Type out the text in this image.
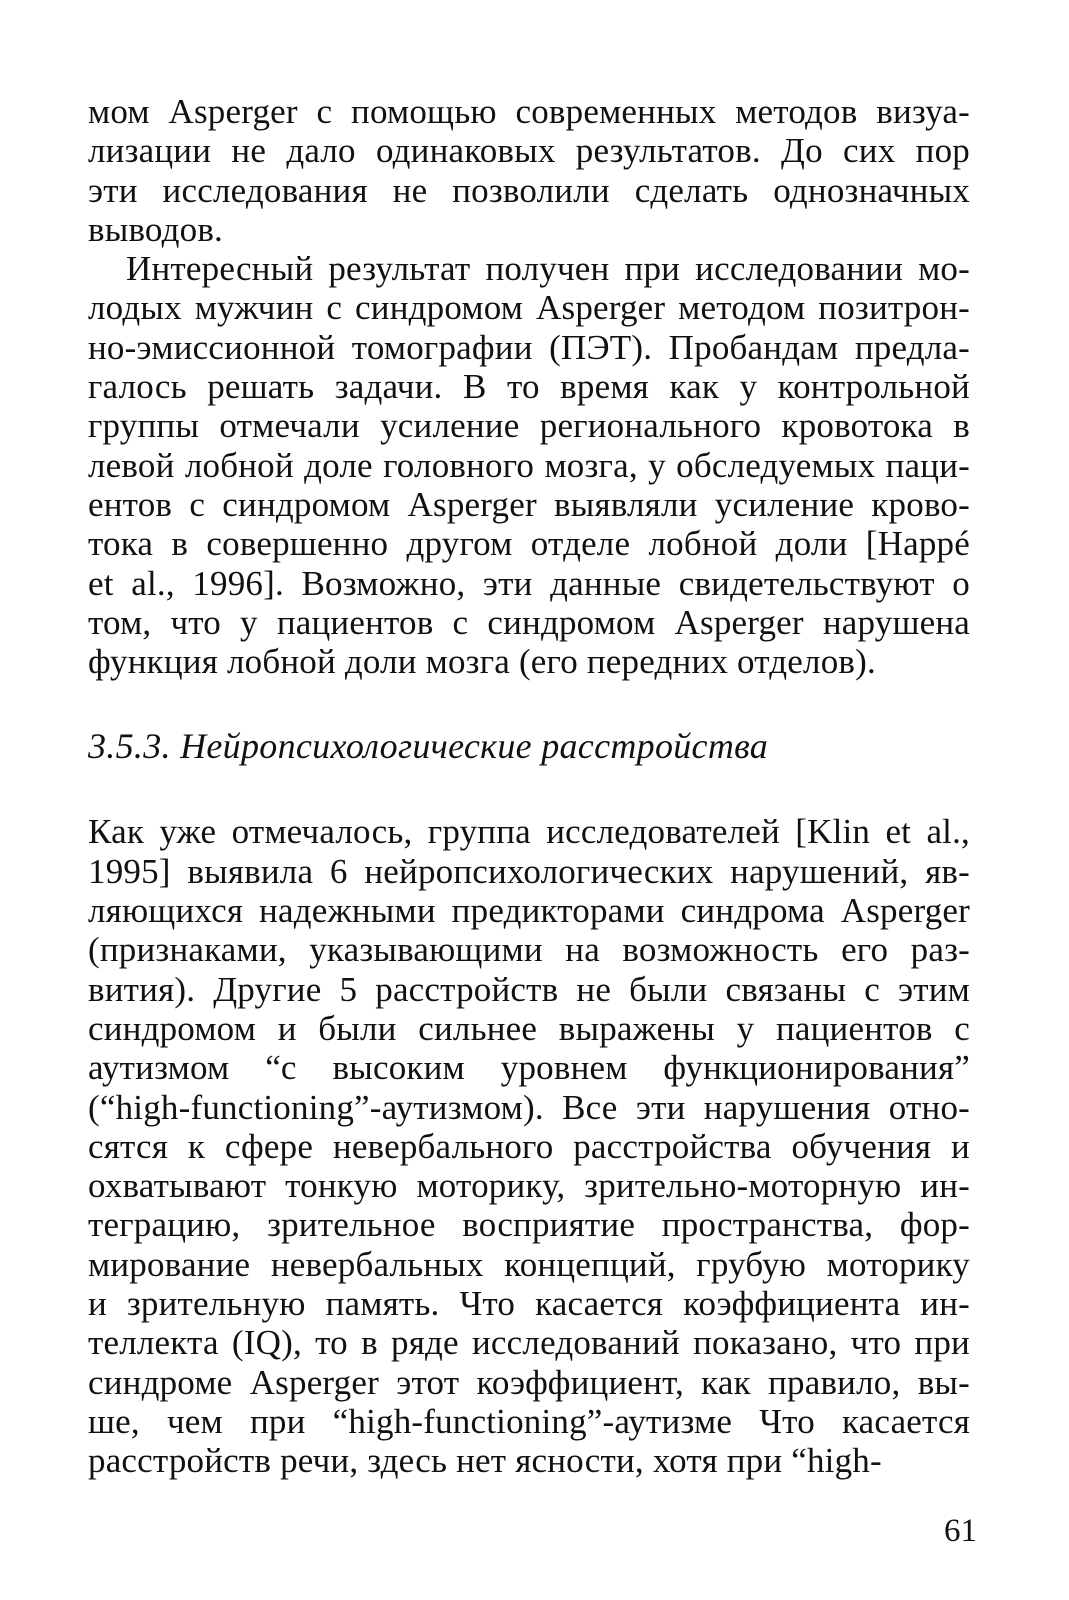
мом Asperger с помощью современных методов визуа-
лизации не дало одинаковых результатов. До сих пор
эти исследования не позволили сделать однозначных
выводов.
Интересный результат получен при исследовании мо-
лодых мужчин с синдромом Asperger методом позитрон-
но-эмиссионной томографии (ПЭТ). Пробандам предла-
галось решать задачи. В то время как у контрольной
группы отмечали усиление регионального кровотока в
левой лобной доле головного мозга, у обследуемых паци-
ентов с синдромом Asperger выявляли усиление крово-
тока в совершенно другом отделе лобной доли [Happé
et al., 1996]. Возможно, эти данные свидетельствуют о
том, что у пациентов с синдромом Asperger нарушена
функция лобной доли мозга (его передних отделов).
3.5.3. Нейропсихологические расстройства
Как уже отмечалось, группа исследователей [Klin et al.,
1995] выявила 6 нейропсихологических нарушений, яв-
ляющихся надежными предикторами синдрома Asperger
(признаками, указывающими на возможность его раз-
вития). Другие 5 расстройств не были связаны с этим
синдромом и были сильнее выражены у пациентов с
аутизмом “с высоким уровнем функционирования”
(“high-functioning”-аутизмом). Все эти нарушения отно-
сятся к сфере невербального расстройства обучения и
охватывают тонкую моторику, зрительно-моторную ин-
теграцию, зрительное восприятие пространства, фор-
мирование невербальных концепций, грубую моторику
и зрительную память. Что касается коэффициента ин-
теллекта (IQ), то в ряде исследований показано, что при
синдроме Asperger этот коэффициент, как правило, вы-
ше, чем при “high-functioning”-аутизме Что касается
расстройств речи, здесь нет ясности, хотя при “high-
61
